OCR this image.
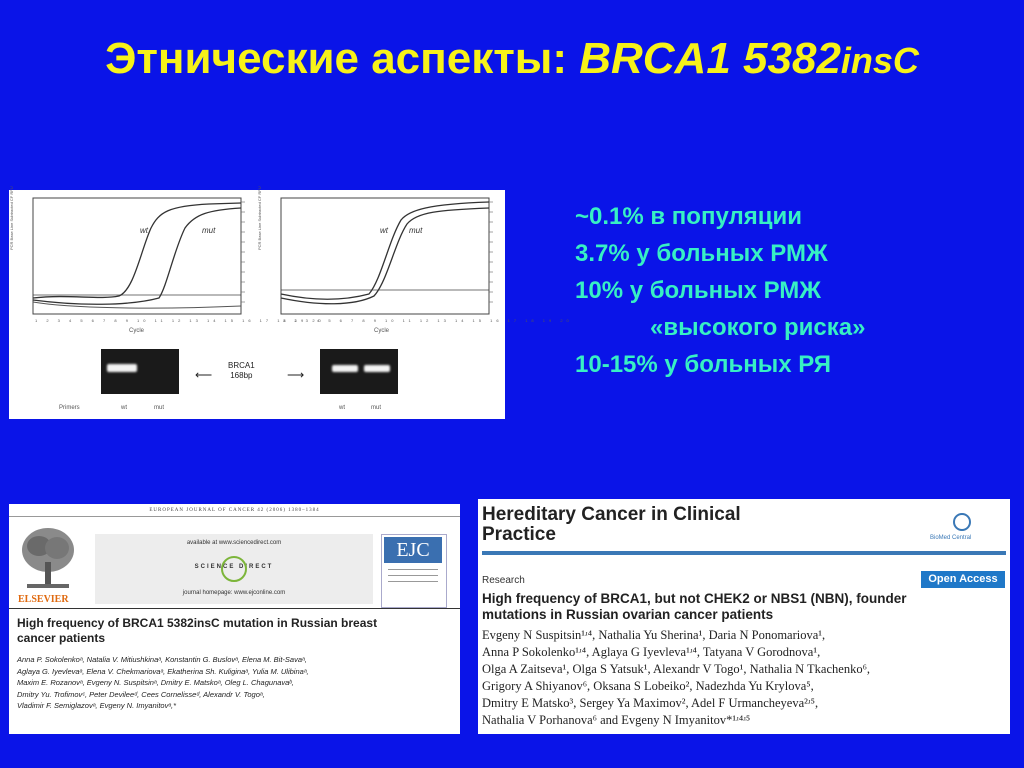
Этнические аспекты: BRCA1 5382insC
~0.1% в популяции
3.7% у больных РМЖ
10% у больных РМЖ
«высокого риска»
10-15% у больных РЯ
PCR Base Line Subtracted CF RFU	PCR Base Line Subtracted CF RFU
Cycle	Cycle
1 2 3 4 5 6 7 8 9 10 11 12 13 14 15 16 17 18 19 20
1 2 3 4 5 6 7 8 9 10 11 12 13 14 15 16 17 18 19 20
wt	mut	wt	mut
⟵	⟶
BRCA1
168bp
Primers	wt	mut	wt	mut
EUROPEAN JOURNAL OF CANCER 42 (2006) 1380–1384
ELSEVIER
available at www.sciencedirect.com
SCIENCE DIRECT
journal homepage: www.ejconline.com
EJC
High frequency of BRCA1 5382insC mutation in Russian breast cancer patients
Anna P. Sokolenkoᵃ, Natalia V. Mitiushkinaᵃ, Konstantin G. Buslovᵃ, Elena M. Bit-Savaᵃ,
Aglaya G. Iyevlevaᵃ, Elena V. Chekmariovaᵃ, Ekatherina Sh. Kuliginaᵃ, Yulia M. Ulibinaᵃ,
Maxim E. Rozanovᵃ, Evgeny N. Suspitsinᵃ, Dmitry E. Matskoᵃ, Oleg L. Chagunavaᵇ,
Dmitry Yu. Trofimovᶜ, Peter Devileeᵈ, Cees Cornelisseᵈ, Alexandr V. Togoᵃ,
Vladimir F. Semiglazovᵃ, Evgeny N. Imyanitovᵃ,*
Hereditary Cancer in Clinical
Practice	BioMed Central
Research	Open Access
High frequency of BRCA1, but not CHEK2 or NBS1 (NBN), founder
mutations in Russian ovarian cancer patients
Evgeny N Suspitsin¹ʴ⁴, Nathalia Yu Sherina¹, Daria N Ponomariova¹,
Anna P Sokolenko¹ʴ⁴, Aglaya G Iyevleva¹ʴ⁴, Tatyana V Gorodnova¹,
Olga A Zaitseva¹, Olga S Yatsuk¹, Alexandr V Togo¹, Nathalia N Tkachenko⁶,
Grigory A Shiyanov⁶, Oksana S Lobeiko², Nadezhda Yu Krylova⁵,
Dmitry E Matsko³, Sergey Ya Maximov², Adel F Urmancheyeva²ʴ⁵,
Nathalia V Porhanova⁶ and Evgeny N Imyanitov*¹ʴ⁴ʴ⁵
